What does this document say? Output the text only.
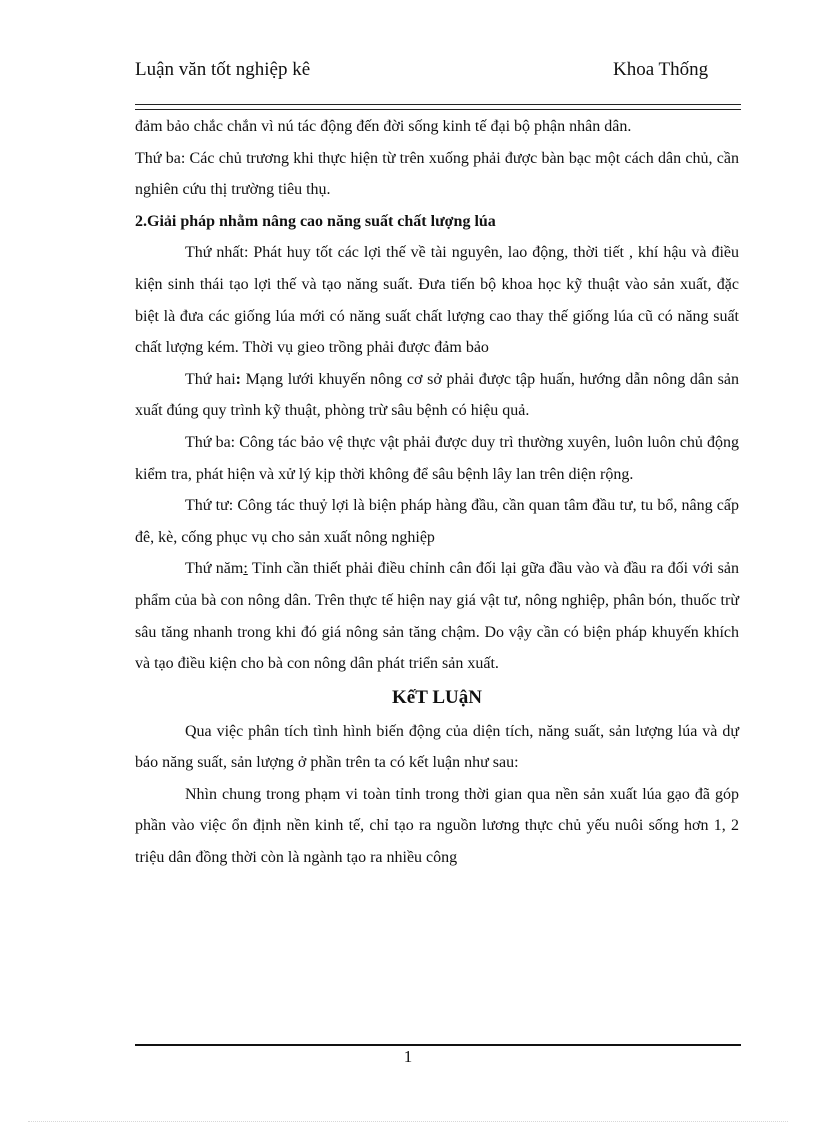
Luận văn tốt nghiệp kê	Khoa Thống

đảm bảo chắc chắn vì nú tác động đến đời sống kinh tế đại bộ phận nhân dân.

Thứ ba: Các chủ trương khi thực hiện từ trên xuống phải được bàn bạc một cách dân chủ, cần nghiên cứu thị trường tiêu thụ.

2.Giải pháp nhằm nâng cao năng suất chất lượng lúa

Thứ nhất: Phát huy tốt các lợi thế về tài nguyên, lao động, thời tiết , khí hậu và điều kiện sinh thái tạo lợi thế và tạo năng suất. Đưa tiến bộ khoa học kỹ thuật vào sản xuất, đặc biệt là đưa các giống lúa mới có năng suất chất lượng cao thay thế giống lúa cũ có năng suất chất lượng kém. Thời vụ gieo trồng phải được đảm bảo

Thứ hai: Mạng lưới khuyến nông cơ sở phải được tập huấn, hướng dẫn nông dân sản xuất đúng quy trình kỹ thuật, phòng trừ sâu bệnh có hiệu quả.

Thứ ba: Công tác bảo vệ thực vật phải được duy trì thường xuyên, luôn luôn chủ động kiểm tra, phát hiện và xử lý kịp thời không để sâu bệnh lây lan trên diện rộng.

Thứ tư: Công tác thuỷ lợi là biện pháp hàng đầu, cần quan tâm đầu tư, tu bổ, nâng cấp đê, kè, cống phục vụ cho sản xuất nông nghiệp

Thứ năm: Tỉnh cần thiết phải điều chỉnh cân đối lại gữa đầu vào và đầu ra đối với sản phẩm của bà con nông dân. Trên thực tế hiện nay giá vật tư, nông nghiệp, phân bón, thuốc trừ sâu tăng nhanh trong khi đó giá nông sản tăng chậm. Do vậy cần có biện pháp khuyến khích và tạo điều kiện cho bà con nông dân phát triển sản xuất.

KếT LUậN

Qua việc phân tích tình hình biến động của diện tích, năng suất, sản lượng lúa và dự báo năng suất, sản lượng ở phần trên ta có kết luận như sau:

Nhìn chung trong phạm vi toàn tỉnh trong thời gian qua nền sản xuất lúa gạo đã góp phần vào việc ổn định nền kinh tế, chỉ tạo ra nguồn lương thực chủ yếu nuôi sống hơn 1, 2 triệu dân đồng thời còn là ngành tạo ra nhiều công

1
